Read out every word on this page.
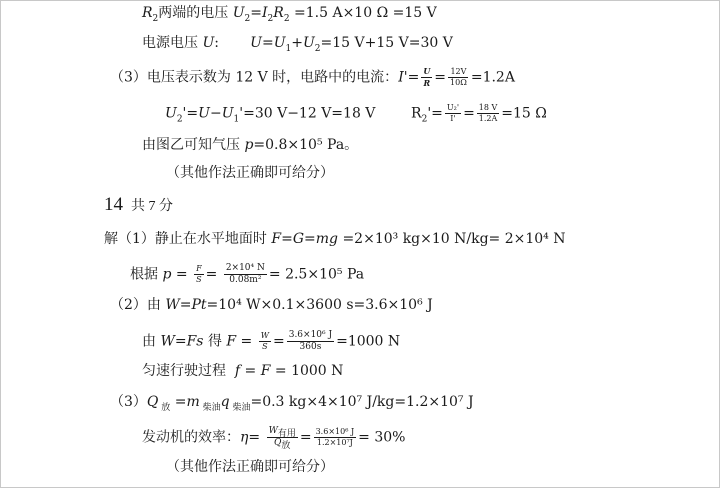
$R_2$两端的电压 $U_2=I_2R_2 =1.5$ A×10 Ω =15 V
电源电压 U:       $U=U_1+U_2=15$ V+15 V=30 V
（3）电压表示数为 12 V 时，电路中的电流：$I'= \frac{U}{R} = \frac{12V}{10\Omega} =1.2A$
$U_2'=U-U_1'=30$ V−12 V=18 V        $R_2'= \frac{\text{U₂'}}{I'} = \frac{18 V}{1.2A} =15$ Ω
由图乙可知气压 p=0.8×10⁵ Pa。
（其他作法正确即可给分）
14 共 7 分
解（1）静止在水平地面时 F=G=mg =2×10³ kg×10 N/kg= 2×10⁴ N
根据 $p = \frac{F}{S} = \frac{\text{2×10⁴ N}}{\text{0.08m²}} = 2.5\times 10^5$ Pa
（2）由 W=Pt=10⁴ W×0.1×3600 s=3.6×10⁶ J
由 W=Fs 得 $F = \frac{W}{S} = \frac{\text{3.6×10⁶ J}}{360s} =1000$ N
匀速行驶过程 f = F = 1000 N
（3）Q $_放$ =m $_{柴油}$q $_{柴油}$=0.3 kg×4×10⁷ J/kg=1.2×10⁷ J
发动机的效率：$\eta= \frac{W_{有用}}{Q_放} = \frac{\text{3.6×10⁶ J}}{\text{1.2×10⁷J}} = 30\%$
（其他作法正确即可给分）
